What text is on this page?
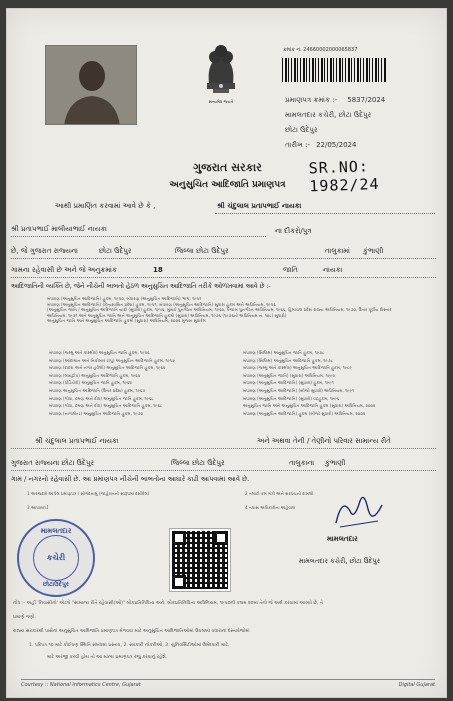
સત્યમેવ જયતે
ક્રમાંક નં. 24660002000065837
પ્રમાણપત્ર ક્રમાંક :- 5837/2024
મામલતદાર કચેરી, છોટા ઉદેપુર
છોટા ઉદેપુર
તારીખ :- 22/05/2024
SR.NO: 1982/24
ગુજરાત સરકાર
અનુસુચિત આદિજાતિ પ્રમાણપત્ર
આથી પ્રમાણિત કરવામાં આવે છે કે ,	શ્રી ચંદુલાલ પ્રતાપભાઈ નાયકા
શ્રી પ્રતાપભાઈ માલીયાભાઈ નાયકા	ના દીકરો/પુત્ર
છે, જે ગુજરાત રાજ્યના	છોટા ઉદેપુર	જિલ્લા છોટા ઉદેપુર	તાલુકામાં કુંભાણી
ગામના રહેવાસી છે અને જે અનુક્રમાંક	18	જાતિ	નાયકા
આદિજાતિની વ્યક્તિ છે, જેને નીચેની બાબતો હેઠળ અનુસુચિત આદિજાતિ તરીકે ઓળખવામાં આવે છે :-
બંધારણ (અનુસુચિત આદિજાતિ) હુકમ, ૧૯૫૦, બંધારણ (અનુસુચિત આદિજાતિ) ભાગ, ૧૯૫૧
બંધારણ (અનુસુચિત આદિજાતિ) (કેન્દ્રશાસિત પ્રદેશ) હુકમ, ૧૯૫૧, બંધારણ (અનુસુચિત આદિજાતિ) સુધારા હુકમ અને અધિનિયમ, ૧૯૫૬
(અનુસુચિત જાતિ / અનુસુચિત આદિજાતિ યાદી (સુધારા) હુકમ, ૧૯૫૬, મુંબઈ પુનર્ગઠન અધિનિયમ, ૧૯૬૦, પંજાબ પુનર્ગઠન અધિનિયમ, ૧૯૬૬, હિમાચલ પ્રદેશ રાજ્ય અધિનિયમ, ૧૯૭૦, ઉત્તર પૂર્વીય વિસ્તાર
અધિનિયમ, ૧૯૭૧ અને અનુસુચિત જાતિ અને અનુસુચિત આદિજાતિ હુકમો (સુધારા) અધિનિયમ, ૧૯૭૬ (૧૯૭૬નો અધિનિયમ નં. ૧૦૮) સુધારો)
અનુસુચિત જાતિ અને અનુસુચિત આદિજાતિ હુકમો (સુધારા) અધિનિયમ, ૨૦૦૨ મુજબ સુધારેલ
બંધારણ (જમ્મુ અને કાશ્મીર) અનુસુચિત જાતિ હુકમ, ૧૯૫૬
બંધારણ (આંદામાન અને નિકોબાર ટાપુ) અનુસુચિત આદિજાતિ હુકમ, ૧૯૫૯
બંધારણ (દાદરા અને નગર હવેલી) અનુસુચિત આદિજાતિ હુકમ, ૧૯૬૨
બંધારણ (લક્ષદ્વીપ) અનુસુચિત આદિજાતિ હુકમ, ૧૯૬૨
બંધારણ (પોંડિચેરી) અનુસુચિત જાતિ હુકમ, ૧૯૬૪
બંધારણ અનુસુચિત આદિજાતિ (ઉત્તર પ્રદેશ) હુકમ, ૧૯૬૭
બંધારણ (ગોવા, દમણ અને દીવ) અનુસુચિત જાતિ હુકમ, ૧૯૬૮
બંધારણ (ગોવા, દમણ અને દીવ) અનુસુચિત આદિજાતિ હુકમ, ૧૯૬૮
બંધારણ (નાગાલેન્ડ) અનુસુચિત આદિજાતિ હુકમ, ૧૯૭૦
બંધારણ (સિક્કિમ) અનુસુચિત જાતિ હુકમ, ૧૯૭૮
બંધારણ (સિક્કિમ) અનુસુચિત આદિજાતિ હુકમ, ૧૯૭૮
બંધારણ (જમ્મુ અને કાશ્મીર) અનુસુચિત આદિજાતિ હુકમ, ૧૯૮૯
બંધારણ (અનુસુચિત જાતિ) (સુધારા) અધિનિયમ, ૧૯૯૦
બંધારણ (અનુસુચિત આદિજાતિ) (સુધારા) હુકમ, ૧૯૯૧
બંધારણ (અનુસુચિત આદિજાતિ) (બીજો સુધારો) અધિનિયમ, ૧૯૯૧
બંધારણ (અનુસુચિત આદિજાતિ) (સુધારો) વટહુકમ, ૧૯૯૬
અનુસુચિત જાતિ અને અનુસુચિત આદિજાતિ હુકમ (સુધારા) અધિનિયમ, ૨૦૦૨
બંધારણ (અનુસુચિત આદિજાતિ) હુકમ (બીજો સુધારો) અધિનિયમ, ૨૦૦૨
શ્રી ચંદુલાલ પ્રતાપભાઈ નાયકા	અને અથવા તેની / તેણીનો પરિવાર સામાન્ય રીતે
ગુજરાત રાજ્યના છોટા ઉદેપુર	જિલ્લા છોટા ઉદેપુર	તાલુકાના કુંભાણી
ગામ / નગરનો રહેવાસી છે. આ પ્રમાણપત્ર નીચેની બાબતોના આધારે કાઢી આપવામાં આવે છે.
1 અરજદારે આપેલ પ્રમાણપત્ર / સોગંદનામું (જાહેરાતની સ્વરૂપમાં દર્શાવેલ)	2 તલાટી કમ મંત્રી અને સરપંચનો દાખલો
3 આધારકાર્ડ	4 તપાસ અધિકારીના અહેવાલ
મામલતદાર
કચેરી
છોટાઉદેપુર
મામલતદાર
મામલતદાર કચેરી, છોટા ઉદેપુર
નોંધ :- અહીં 'નિવાસીનો' એટલે "સામાન્ય રીતે રહેવાસી(ઓ)" લોકપ્રતિનિધિત્વ અને, લોકપ્રતિનિધિત્વ અધિનિયમ, ૧૯૫૦ની કલમ ૨૦માં તેનો જે અર્થ કરવામાં આવ્યો છે, તે
પ્રમાણે ગણો.
રાજ્ય સરકારથી પાસેનાં અનુસુચિત આદિજાતિ પ્રમાણપત્ર મેળવવા માટે અનુસુચિત આદિજાતિઓમાં ઉપલબ્ધ વધારાનાં દસ્તાવેજોમાં
1. પરિપત્ર ૧૦ માટે કોઈપણ સ્થિતિ સંબંધમાં પ્રસ્તાવ, 2. સરકારી નોકરીઓ, 3. યુનિવર્સિટીઓમાં ઉમેદવારી માટે,
માટે અરજી કરવી હોય તો આ માન્ય પ્રમાણપત્ર રજુ કરવાનું રહેશે.
Courtesy :: National Informatics Centre, Gujarat	Digital Gujarat
